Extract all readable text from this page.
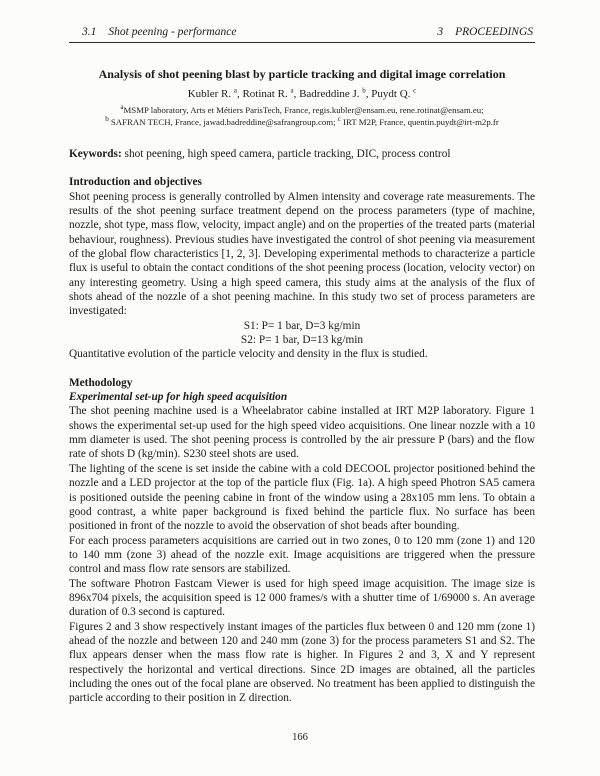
3.1 Shot peening - performance	3 PROCEEDINGS
Analysis of shot peening blast by particle tracking and digital image correlation
Kubler R. $^a$, Rotinat R. $^a$, Badreddine J. $^b$, Puydt Q. $^c$
$^a$MSMP laboratory, Arts et Métiers ParisTech, France, regis.kubler@ensam.eu, rene.rotinat@ensam.eu;
$^b$ SAFRAN TECH, France, jawad.badreddine@safrangroup.com; $^c$ IRT M2P, France, quentin.puydt@irt-m2p.fr
Keywords: shot peening, high speed camera, particle tracking, DIC, process control
Introduction and objectives

Shot peening process is generally controlled by Almen intensity and coverage rate measurements. The results of the shot peening surface treatment depend on the process parameters (type of machine, nozzle, shot type, mass flow, velocity, impact angle) and on the properties of the treated parts (material behaviour, roughness). Previous studies have investigated the control of shot peening via measurement of the global flow characteristics [1, 2, 3]. Developing experimental methods to characterize a particle flux is useful to obtain the contact conditions of the shot peening process (location, velocity vector) on any interesting geometry. Using a high speed camera, this study aims at the analysis of the flux of shots ahead of the nozzle of a shot peening machine. In this study two set of process parameters are investigated:

S1: P= 1 bar, D=3 kg/min

S2: P= 1 bar, D=13 kg/min

Quantitative evolution of the particle velocity and density in the flux is studied.

Methodology
Experimental set-up for high speed acquisition

The shot peening machine used is a Wheelabrator cabine installed at IRT M2P laboratory. Figure 1 shows the experimental set-up used for the high speed video acquisitions. One linear nozzle with a 10 mm diameter is used. The shot peening process is controlled by the air pressure P (bars) and the flow rate of shots D (kg/min). S230 steel shots are used.

The lighting of the scene is set inside the cabine with a cold DECOOL projector positioned behind the nozzle and a LED projector at the top of the particle flux (Fig. 1a). A high speed Photron SA5 camera is positioned outside the peening cabine in front of the window using a 28x105 mm lens. To obtain a good contrast, a white paper background is fixed behind the particle flux. No surface has been positioned in front of the nozzle to avoid the observation of shot beads after bounding.

For each process parameters acquisitions are carried out in two zones, 0 to 120 mm (zone 1) and 120 to 140 mm (zone 3) ahead of the nozzle exit. Image acquisitions are triggered when the pressure control and mass flow rate sensors are stabilized.

The software Photron Fastcam Viewer is used for high speed image acquisition. The image size is 896x704 pixels, the acquisition speed is 12 000 frames/s with a shutter time of 1/69000 s. An average duration of 0.3 second is captured.

Figures 2 and 3 show respectively instant images of the particles flux between 0 and 120 mm (zone 1) ahead of the nozzle and between 120 and 240 mm (zone 3) for the process parameters S1 and S2. The flux appears denser when the mass flow rate is higher. In Figures 2 and 3, X and Y represent respectively the horizontal and vertical directions. Since 2D images are obtained, all the particles including the ones out of the focal plane are observed. No treatment has been applied to distinguish the particle according to their position in Z direction.

166
